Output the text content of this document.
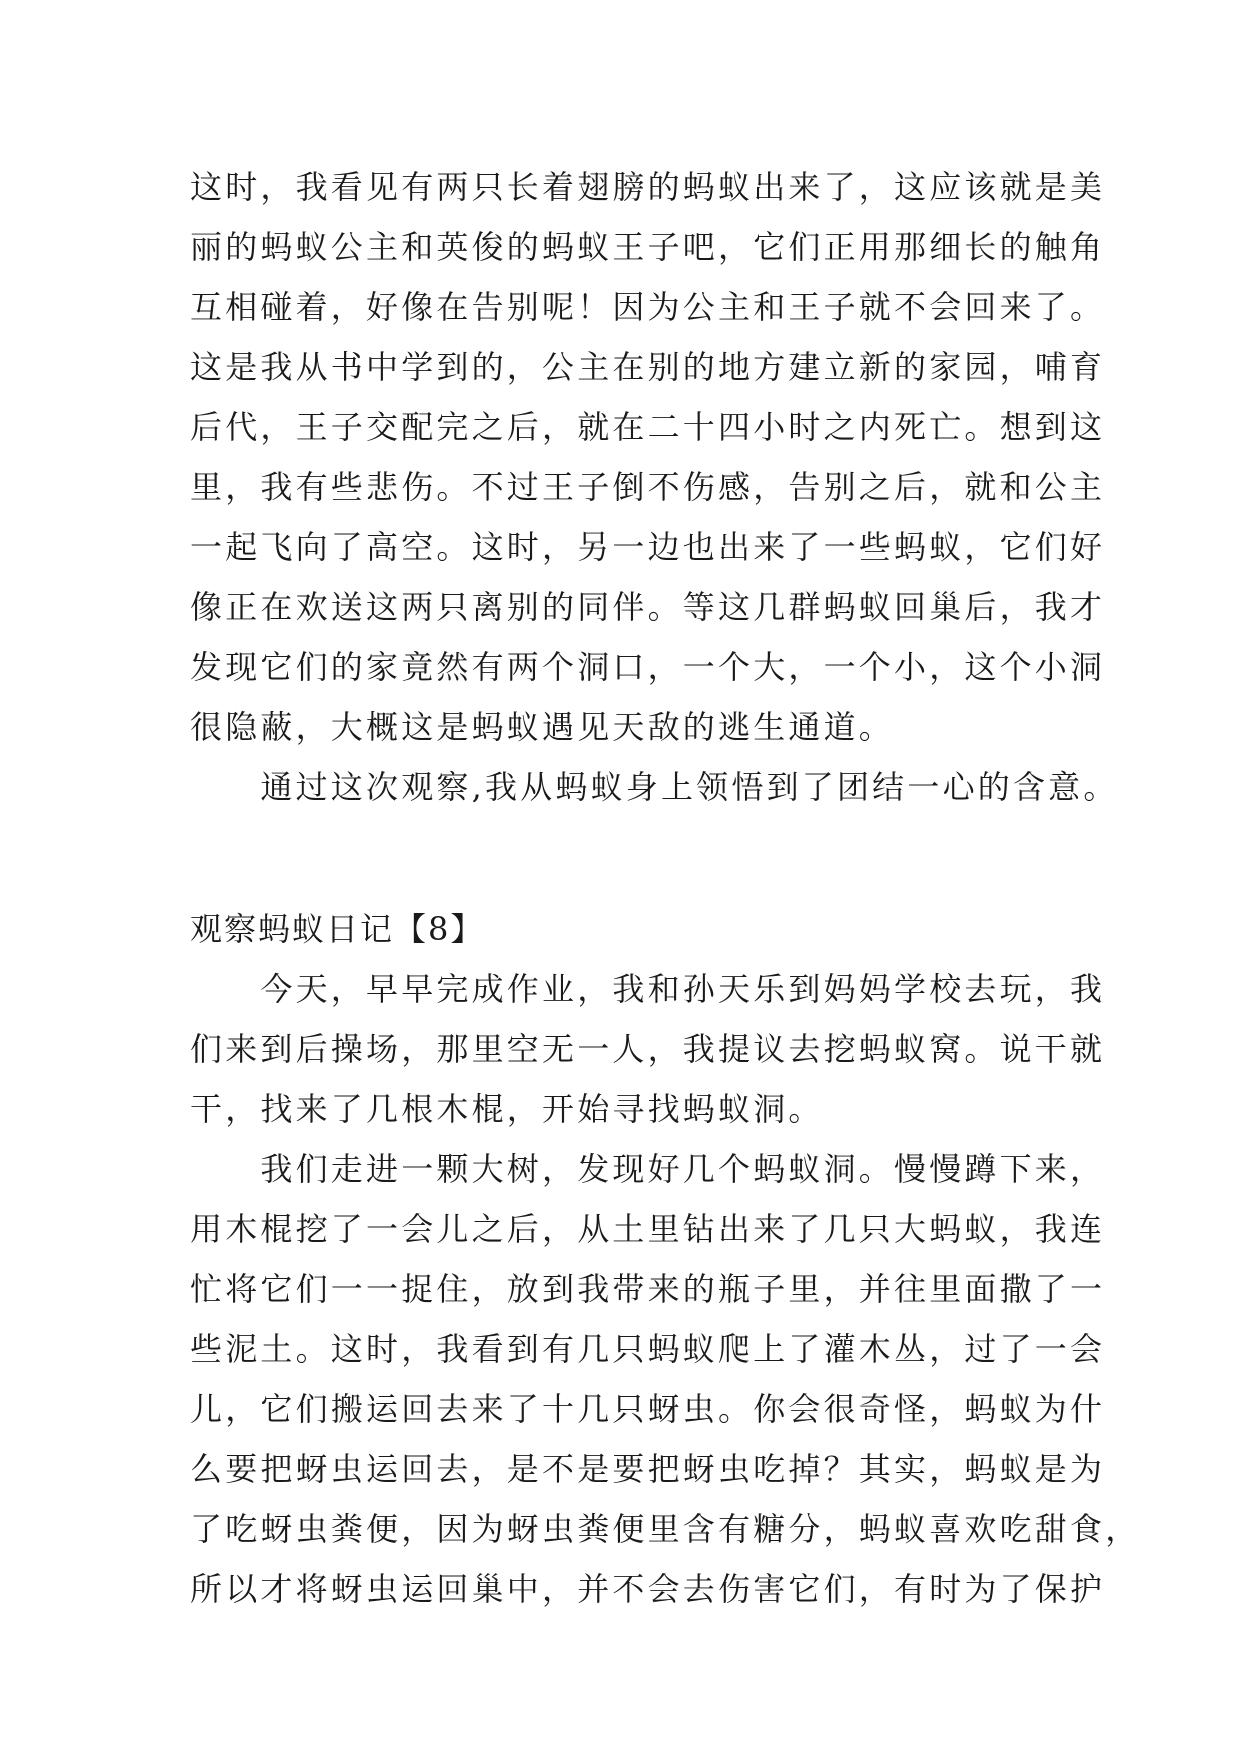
这时，我看见有两只长着翅膀的蚂蚁出来了，这应该就是美
丽的蚂蚁公主和英俊的蚂蚁王子吧，它们正用那细长的触角
互相碰着，好像在告别呢！因为公主和王子就不会回来了。
这是我从书中学到的，公主在别的地方建立新的家园，哺育
后代，王子交配完之后，就在二十四小时之内死亡。想到这
里，我有些悲伤。不过王子倒不伤感，告别之后，就和公主
一起飞向了高空。这时，另一边也出来了一些蚂蚁，它们好
像正在欢送这两只离别的同伴。等这几群蚂蚁回巢后，我才
发现它们的家竟然有两个洞口，一个大，一个小，这个小洞
很隐蔽，大概这是蚂蚁遇见天敌的逃生通道。
　　通过这次观察,我从蚂蚁身上领悟到了团结一心的含意。
观察蚂蚁日记【8】
　　今天，早早完成作业，我和孙天乐到妈妈学校去玩，我
们来到后操场，那里空无一人，我提议去挖蚂蚁窝。说干就
干，找来了几根木棍，开始寻找蚂蚁洞。
　　我们走进一颗大树，发现好几个蚂蚁洞。慢慢蹲下来，
用木棍挖了一会儿之后，从土里钻出来了几只大蚂蚁，我连
忙将它们一一捉住，放到我带来的瓶子里，并往里面撒了一
些泥土。这时，我看到有几只蚂蚁爬上了灌木丛，过了一会
儿，它们搬运回去来了十几只蚜虫。你会很奇怪，蚂蚁为什
么要把蚜虫运回去，是不是要把蚜虫吃掉？其实，蚂蚁是为
了吃蚜虫粪便，因为蚜虫粪便里含有糖分，蚂蚁喜欢吃甜食，
所以才将蚜虫运回巢中，并不会去伤害它们，有时为了保护
